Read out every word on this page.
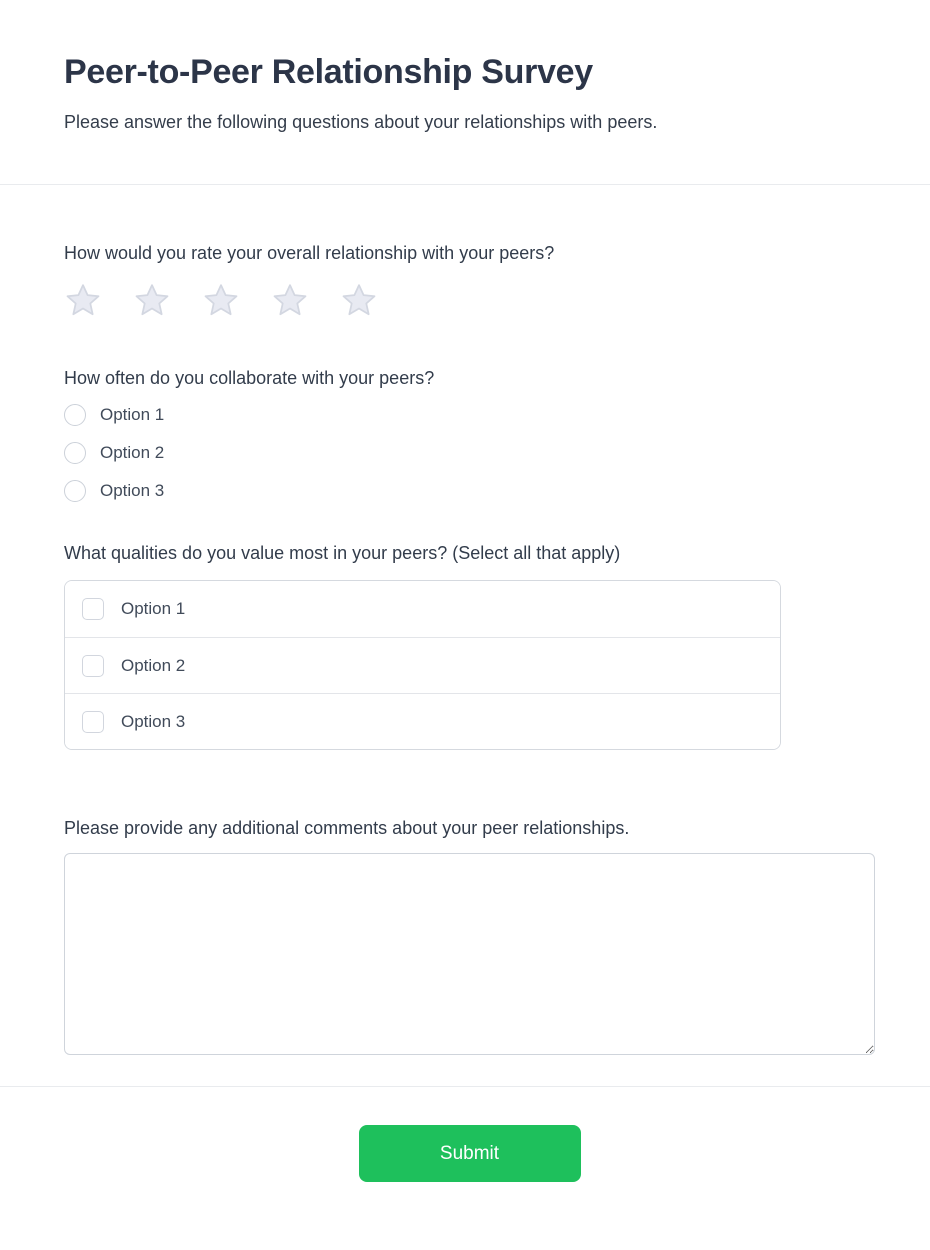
Peer-to-Peer Relationship Survey

Please answer the following questions about your relationships with peers.

How would you rate your overall relationship with your peers?

How often do you collaborate with your peers?

Option 1
Option 2
Option 3

What qualities do you value most in your peers? (Select all that apply)

Option 1
Option 2
Option 3

Please provide any additional comments about your peer relationships.

Submit
